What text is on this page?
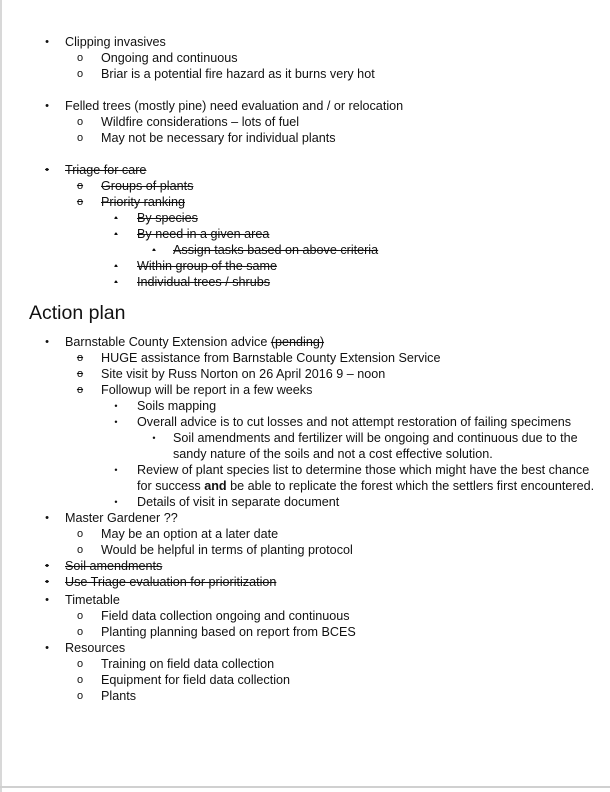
•	Clipping invasives
o	Ongoing and continuous
o	Briar is a potential fire hazard as it burns very hot
•	Felled trees (mostly pine) need evaluation and / or relocation
o	Wildfire considerations – lots of fuel
o	May not be necessary for individual plants
•	Triage for care
o	Groups of plants
o	Priority ranking
•	By species
•	By need in a given area
•	Assign tasks based on above criteria
•	Within group of the same
•	Individual trees / shrubs
Action plan
•	Barnstable County Extension advice (pending)
o	HUGE assistance from Barnstable County Extension Service
o	Site visit by Russ Norton on 26 April 2016 9 – noon
o	Followup will be report in a few weeks
•	Soils mapping
•	Overall advice is to cut losses and not attempt restoration of failing specimens
•	Soil amendments and fertilizer will be ongoing and continuous due to the
sandy nature of the soils and not a cost effective solution.
•	Review of plant species list to determine those which might have the best chance
for success and be able to replicate the forest which the settlers first encountered.
•	Details of visit in separate document
•	Master Gardener ??
o	May be an option at a later date
o	Would be helpful in terms of planting protocol
•	Soil amendments
•	Use Triage evaluation for prioritization
•	Timetable
o	Field data collection ongoing and continuous
o	Planting planning based on report from BCES
•	Resources
o	Training on field data collection
o	Equipment for field data collection
o	Plants
